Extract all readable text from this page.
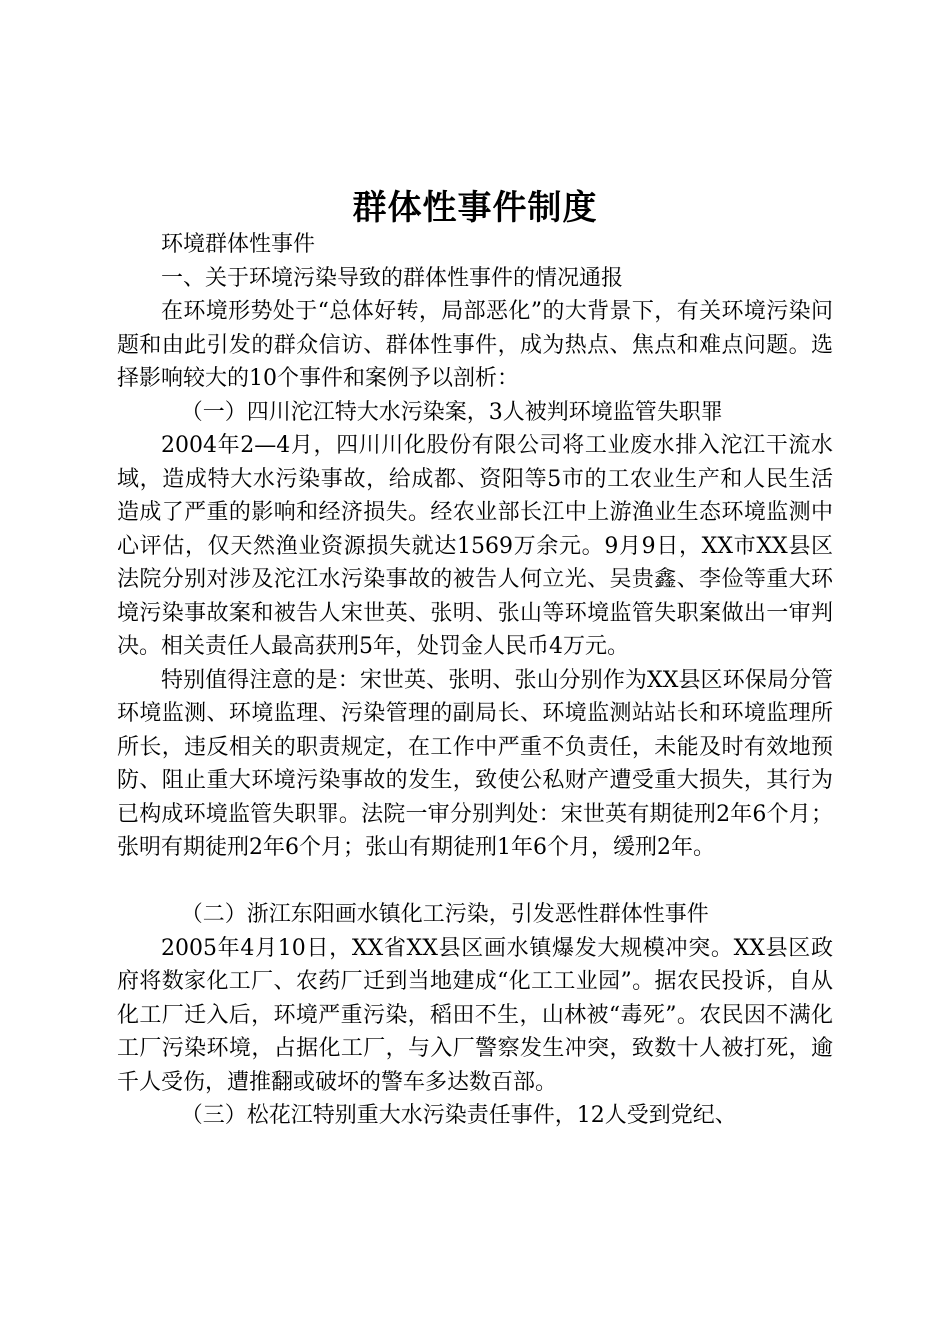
群体性事件制度

环境群体性事件

一、关于环境污染导致的群体性事件的情况通报

在环境形势处于“总体好转，局部恶化”的大背景下，有关环境污染问题和由此引发的群众信访、群体性事件，成为热点、焦点和难点问题。选择影响较大的10个事件和案例予以剖析：

（一）四川沱江特大水污染案，3人被判环境监管失职罪

2004年2—4月，四川川化股份有限公司将工业废水排入沱江干流水域，造成特大水污染事故，给成都、资阳等5市的工农业生产和人民生活造成了严重的影响和经济损失。经农业部长江中上游渔业生态环境监测中心评估，仅天然渔业资源损失就达1569万余元。9月9日，XX市XX县区法院分别对涉及沱江水污染事故的被告人何立光、吴贵鑫、李俭等重大环境污染事故案和被告人宋世英、张明、张山等环境监管失职案做出一审判决。相关责任人最高获刑5年，处罚金人民币4万元。

特别值得注意的是：宋世英、张明、张山分别作为XX县区环保局分管环境监测、环境监理、污染管理的副局长、环境监测站站长和环境监理所所长，违反相关的职责规定，在工作中严重不负责任，未能及时有效地预防、阻止重大环境污染事故的发生，致使公私财产遭受重大损失，其行为已构成环境监管失职罪。法院一审分别判处：宋世英有期徒刑2年6个月；张明有期徒刑2年6个月；张山有期徒刑1年6个月，缓刑2年。

（二）浙江东阳画水镇化工污染，引发恶性群体性事件

2005年4月10日，XX省XX县区画水镇爆发大规模冲突。XX县区政府将数家化工厂、农药厂迁到当地建成“化工工业园”。据农民投诉，自从化工厂迁入后，环境严重污染，稻田不生，山林被“毒死”。农民因不满化工厂污染环境，占据化工厂，与入厂警察发生冲突，致数十人被打死，逾千人受伤，遭推翻或破坏的警车多达数百部。

（三）松花江特别重大水污染责任事件，12人受到党纪、
